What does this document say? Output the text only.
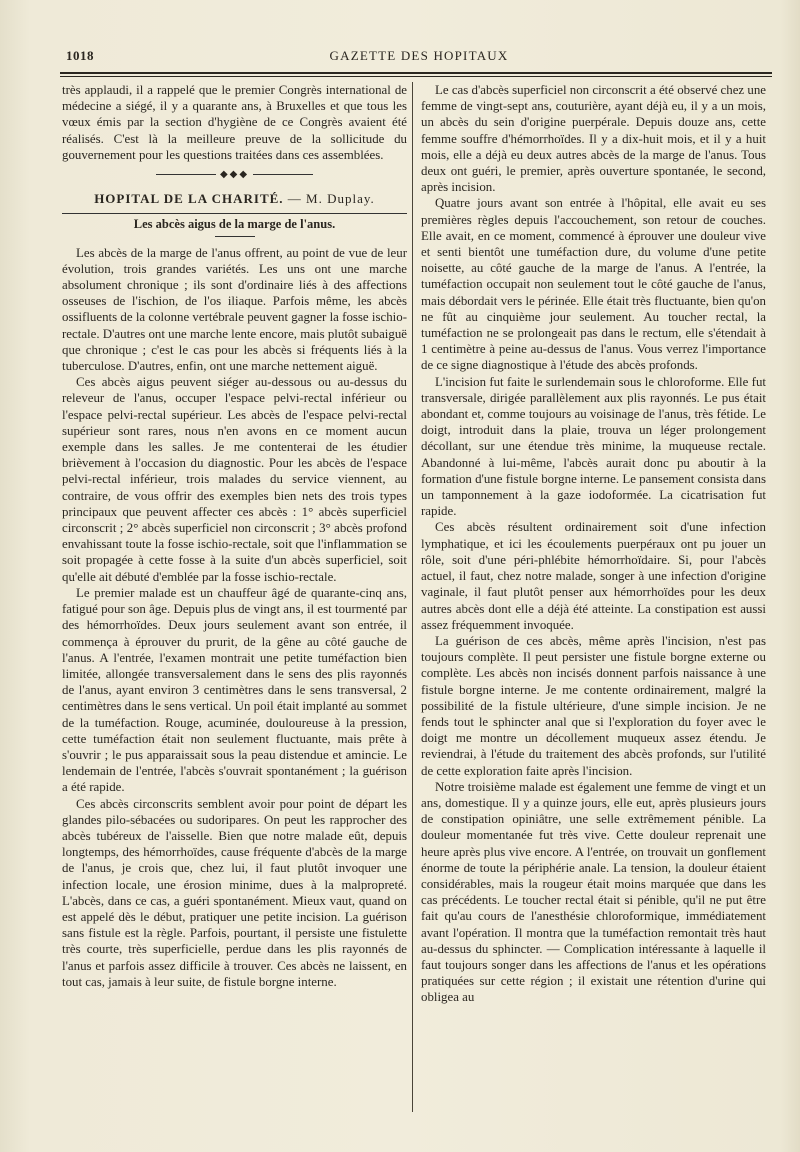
1018	GAZETTE DES HOPITAUX

très applaudi, il a rappelé que le premier Congrès international de médecine a siégé, il y a quarante ans, à Bruxelles et que tous les vœux émis par la section d'hygiène de ce Congrès avaient été réalisés. C'est là la meilleure preuve de la sollicitude du gouvernement pour les questions traitées dans ces assemblées.

◆◆◆
HOPITAL DE LA CHARITÉ. — M. Duplay.
Les abcès aigus de la marge de l'anus.

Les abcès de la marge de l'anus offrent, au point de vue de leur évolution, trois grandes variétés. Les uns ont une marche absolument chronique ; ils sont d'ordinaire liés à des affections osseuses de l'ischion, de l'os iliaque. Parfois même, les abcès ossifluents de la colonne vertébrale peuvent gagner la fosse ischio-rectale. D'autres ont une marche lente encore, mais plutôt subaiguë que chronique ; c'est le cas pour les abcès si fréquents liés à la tuberculose. D'autres, enfin, ont une marche nettement aiguë.

Ces abcès aigus peuvent siéger au-dessous ou au-dessus du releveur de l'anus, occuper l'espace pelvi-rectal inférieur ou l'espace pelvi-rectal supérieur. Les abcès de l'espace pelvi-rectal supérieur sont rares, nous n'en avons en ce moment aucun exemple dans les salles. Je me contenterai de les étudier brièvement à l'occasion du diagnostic. Pour les abcès de l'espace pelvi-rectal inférieur, trois malades du service viennent, au contraire, de vous offrir des exemples bien nets des trois types principaux que peuvent affecter ces abcès : 1° abcès superficiel circonscrit ; 2° abcès superficiel non circonscrit ; 3° abcès profond envahissant toute la fosse ischio-rectale, soit que l'inflammation se soit propagée à cette fosse à la suite d'un abcès superficiel, soit qu'elle ait débuté d'emblée par la fosse ischio-rectale.

Le premier malade est un chauffeur âgé de quarante-cinq ans, fatigué pour son âge. Depuis plus de vingt ans, il est tourmenté par des hémorrhoïdes. Deux jours seulement avant son entrée, il commença à éprouver du prurit, de la gêne au côté gauche de l'anus. A l'entrée, l'examen montrait une petite tuméfaction bien limitée, allongée transversalement dans le sens des plis rayonnés de l'anus, ayant environ 3 centimètres dans le sens transversal, 2 centimètres dans le sens vertical. Un poil était implanté au sommet de la tuméfaction. Rouge, acuminée, douloureuse à la pression, cette tuméfaction était non seulement fluctuante, mais prête à s'ouvrir ; le pus apparaissait sous la peau distendue et amincie. Le lendemain de l'entrée, l'abcès s'ouvrait spontanément ; la guérison a été rapide.

Ces abcès circonscrits semblent avoir pour point de départ les glandes pilo-sébacées ou sudoripares. On peut les rapprocher des abcès tubéreux de l'aisselle. Bien que notre malade eût, depuis longtemps, des hémorrhoïdes, cause fréquente d'abcès de la marge de l'anus, je crois que, chez lui, il faut plutôt invoquer une infection locale, une érosion minime, dues à la malpropreté. L'abcès, dans ce cas, a guéri spontanément. Mieux vaut, quand on est appelé dès le début, pratiquer une petite incision. La guérison sans fistule est la règle. Parfois, pourtant, il persiste une fistulette très courte, très superficielle, perdue dans les plis rayonnés de l'anus et parfois assez difficile à trouver. Ces abcès ne laissent, en tout cas, jamais à leur suite, de fistule borgne interne.

Le cas d'abcès superficiel non circonscrit a été observé chez une femme de vingt-sept ans, couturière, ayant déjà eu, il y a un mois, un abcès du sein d'origine puerpérale. Depuis douze ans, cette femme souffre d'hémorrhoïdes. Il y a dix-huit mois, et il y a huit mois, elle a déjà eu deux autres abcès de la marge de l'anus. Tous deux ont guéri, le premier, après ouverture spontanée, le second, après incision.

Quatre jours avant son entrée à l'hôpital, elle avait eu ses premières règles depuis l'accouchement, son retour de couches. Elle avait, en ce moment, commencé à éprouver une douleur vive et senti bientôt une tuméfaction dure, du volume d'une petite noisette, au côté gauche de la marge de l'anus. A l'entrée, la tuméfaction occupait non seulement tout le côté gauche de l'anus, mais débordait vers le périnée. Elle était très fluctuante, bien qu'on ne fût au cinquième jour seulement. Au toucher rectal, la tuméfaction ne se prolongeait pas dans le rectum, elle s'étendait à 1 centimètre à peine au-dessus de l'anus. Vous verrez l'importance de ce signe diagnostique à l'étude des abcès profonds.

L'incision fut faite le surlendemain sous le chloroforme. Elle fut transversale, dirigée parallèlement aux plis rayonnés. Le pus était abondant et, comme toujours au voisinage de l'anus, très fétide. Le doigt, introduit dans la plaie, trouva un léger prolongement décollant, sur une étendue très minime, la muqueuse rectale. Abandonné à lui-même, l'abcès aurait donc pu aboutir à la formation d'une fistule borgne interne. Le pansement consista dans un tamponnement à la gaze iodoformée. La cicatrisation fut rapide.

Ces abcès résultent ordinairement soit d'une infection lymphatique, et ici les écoulements puerpéraux ont pu jouer un rôle, soit d'une péri-phlébite hémorrhoïdaire. Si, pour l'abcès actuel, il faut, chez notre malade, songer à une infection d'origine vaginale, il faut plutôt penser aux hémorrhoïdes pour les deux autres abcès dont elle a déjà été atteinte. La constipation est aussi assez fréquemment invoquée.

La guérison de ces abcès, même après l'incision, n'est pas toujours complète. Il peut persister une fistule borgne externe ou complète. Les abcès non incisés donnent parfois naissance à une fistule borgne interne. Je me contente ordinairement, malgré la possibilité de la fistule ultérieure, d'une simple incision. Je ne fends tout le sphincter anal que si l'exploration du foyer avec le doigt me montre un décollement muqueux assez étendu. Je reviendrai, à l'étude du traitement des abcès profonds, sur l'utilité de cette exploration faite après l'incision.

Notre troisième malade est également une femme de vingt et un ans, domestique. Il y a quinze jours, elle eut, après plusieurs jours de constipation opiniâtre, une selle extrêmement pénible. La douleur momentanée fut très vive. Cette douleur reprenait une heure après plus vive encore. A l'entrée, on trouvait un gonflement énorme de toute la périphérie anale. La tension, la douleur étaient considérables, mais la rougeur était moins marquée que dans les cas précédents. Le toucher rectal était si pénible, qu'il ne put être fait qu'au cours de l'anesthésie chloroformique, immédiatement avant l'opération. Il montra que la tuméfaction remontait très haut au-dessus du sphincter. — Complication intéressante à laquelle il faut toujours songer dans les affections de l'anus et les opérations pratiquées sur cette région ; il existait une rétention d'urine qui obligea au
